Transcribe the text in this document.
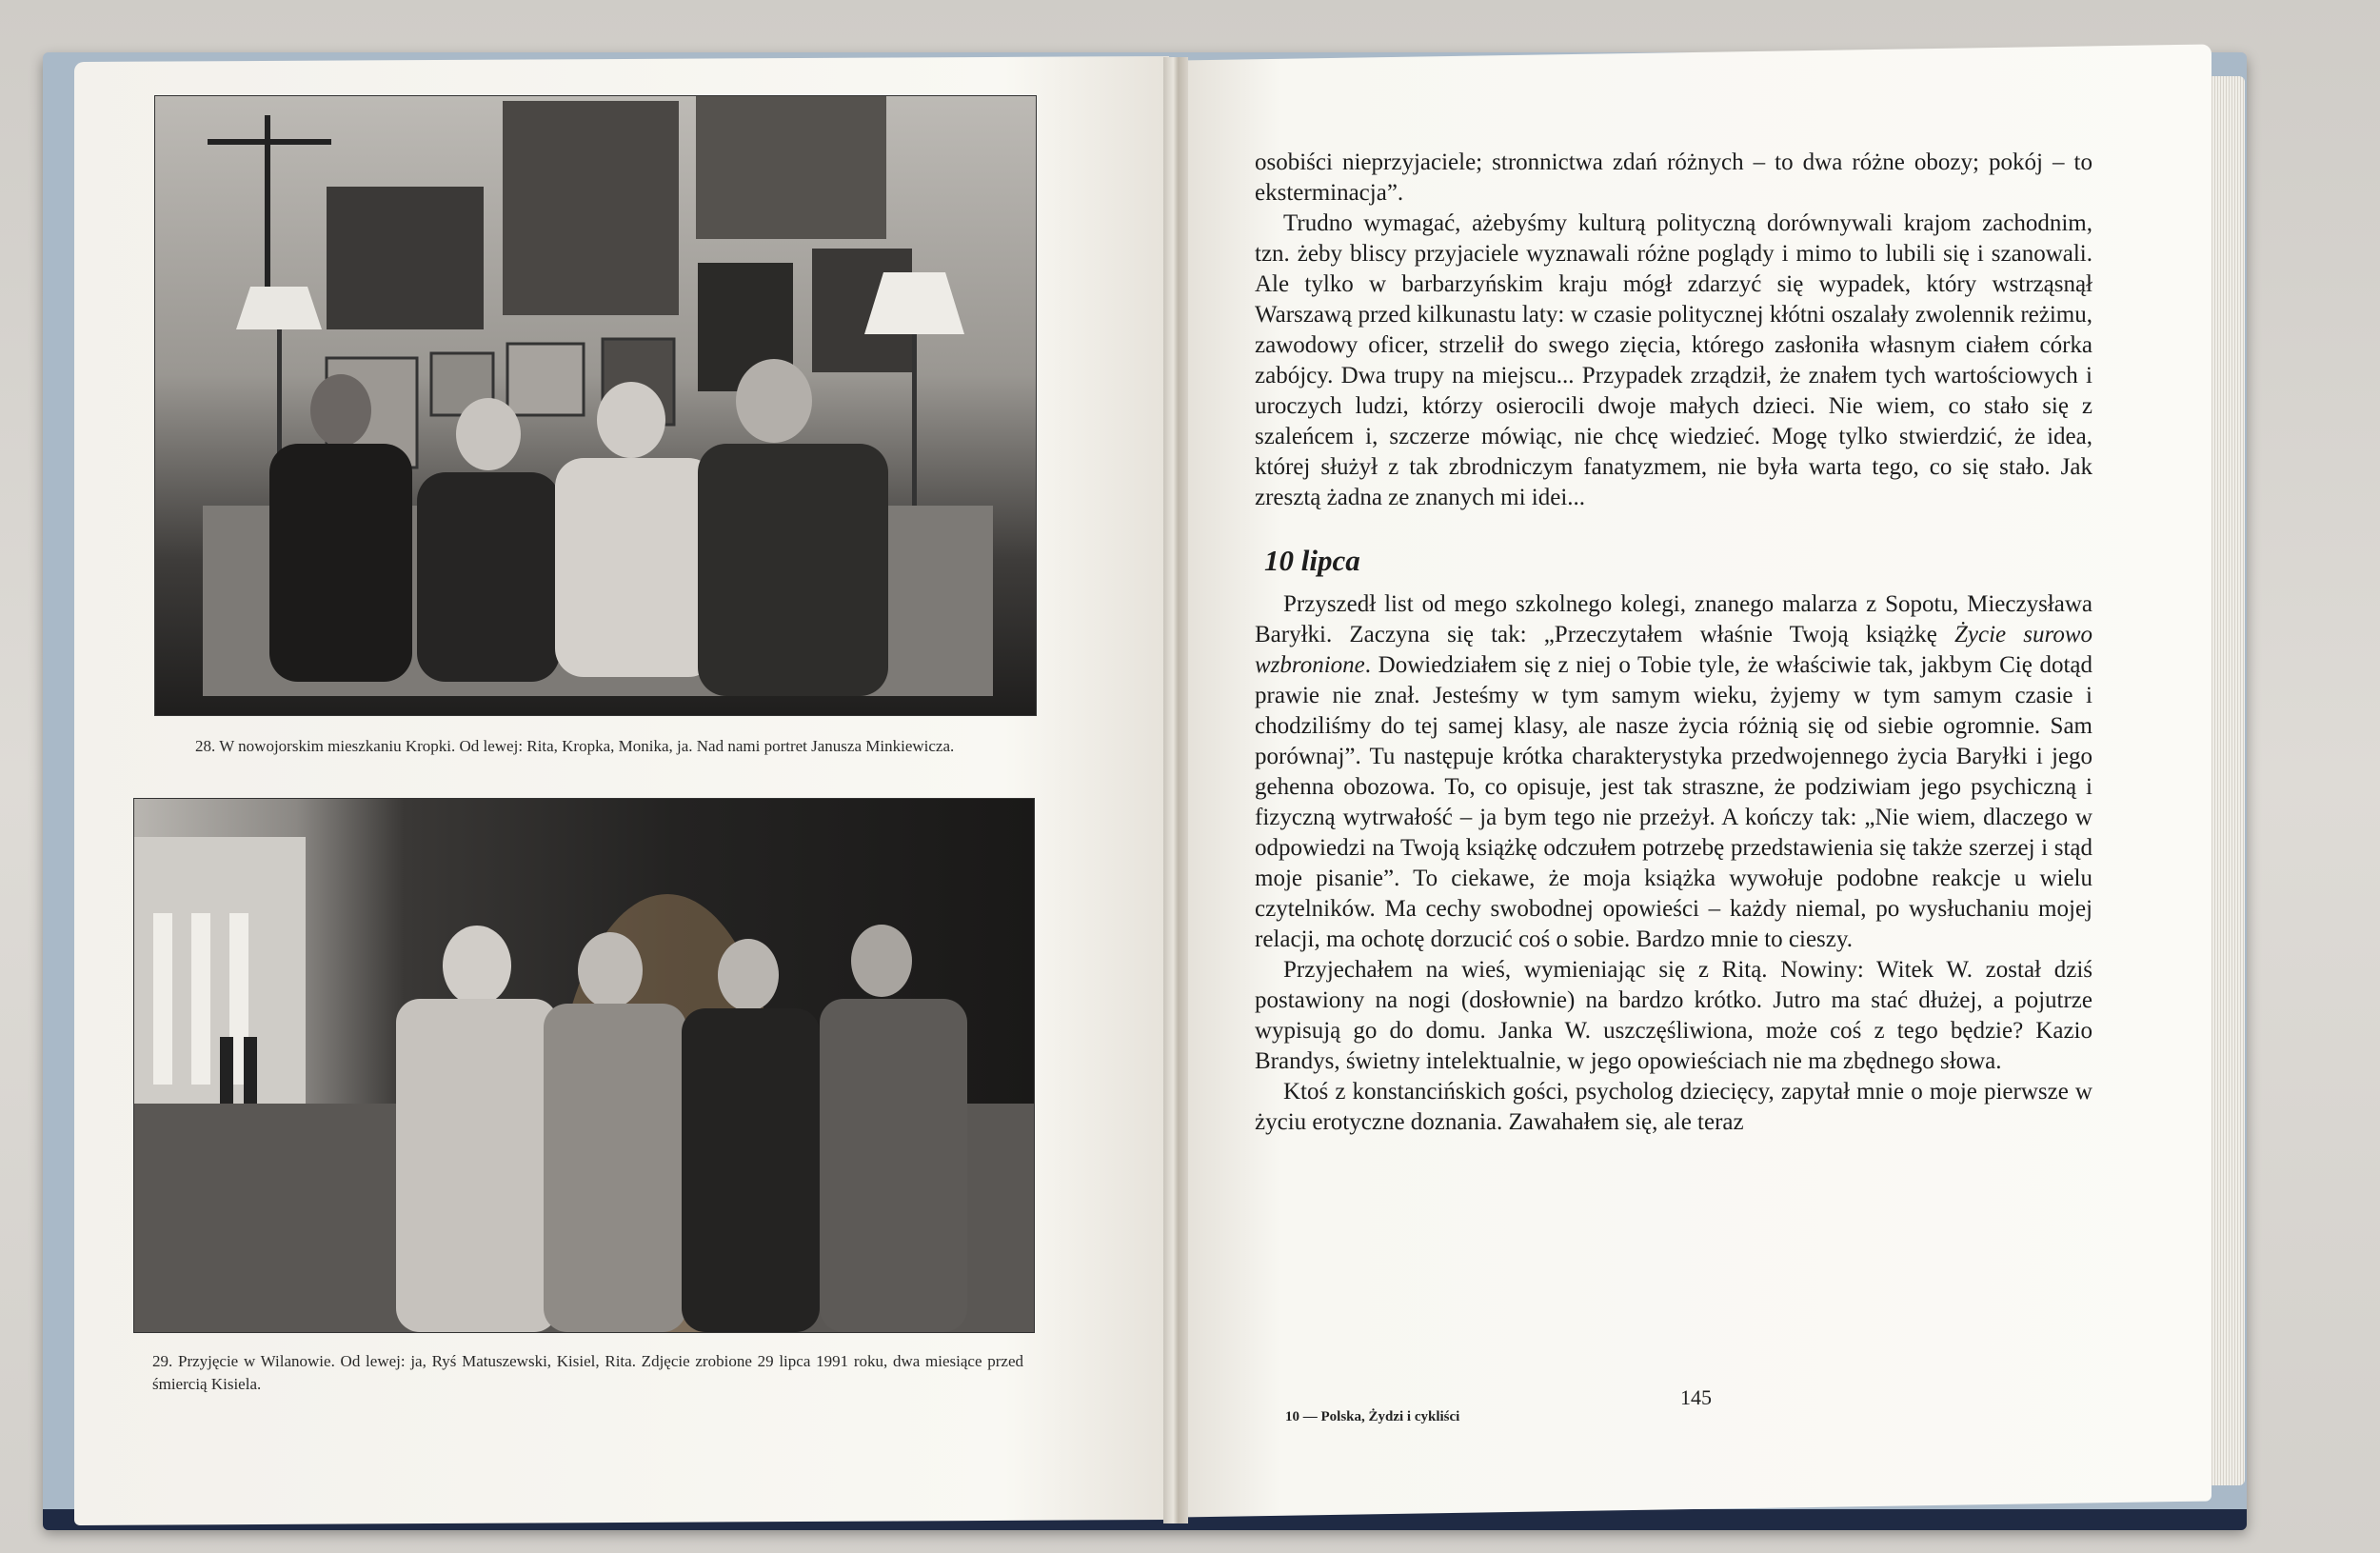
28. W nowojorskim mieszkaniu Kropki. Od lewej: Rita, Kropka, Monika, ja. Nad nami portret Janusza Minkiewicza.
29. Przyjęcie w Wilanowie. Od lewej: ja, Ryś Matuszewski, Kisiel, Rita. Zdjęcie zrobione 29 lipca 1991 roku, dwa miesiące przed śmiercią Kisiela.

osobiści nieprzyjaciele; stronnictwa zdań różnych – to dwa różne obozy; pokój – to eksterminacja”.

Trudno wymagać, ażebyśmy kulturą polityczną dorównywali krajom zachodnim, tzn. żeby bliscy przyjaciele wyznawali różne poglądy i mimo to lubili się i szanowali. Ale tylko w barbarzyńskim kraju mógł zdarzyć się wypadek, który wstrząsnął Warszawą przed kilkunastu laty: w czasie politycznej kłótni oszalały zwolennik reżimu, zawodowy oficer, strzelił do swego zięcia, którego zasłoniła własnym ciałem córka zabójcy. Dwa trupy na miejscu... Przypadek zrządził, że znałem tych wartościowych i uroczych ludzi, którzy osierocili dwoje małych dzieci. Nie wiem, co stało się z szaleńcem i, szczerze mówiąc, nie chcę wiedzieć. Mogę tylko stwierdzić, że idea, której służył z tak zbrodniczym fanatyzmem, nie była warta tego, co się stało. Jak zresztą żadna ze znanych mi idei...

10 lipca

Przyszedł list od mego szkolnego kolegi, znanego malarza z Sopotu, Mieczysława Baryłki. Zaczyna się tak: „Przeczytałem właśnie Twoją książkę Życie surowo wzbronione. Dowiedziałem się z niej o Tobie tyle, że właściwie tak, jakbym Cię dotąd prawie nie znał. Jesteśmy w tym samym wieku, żyjemy w tym samym czasie i chodziliśmy do tej samej klasy, ale nasze życia różnią się od siebie ogromnie. Sam porównaj”. Tu następuje krótka charakterystyka przedwojennego życia Baryłki i jego gehenna obozowa. To, co opisuje, jest tak straszne, że podziwiam jego psychiczną i fizyczną wytrwałość – ja bym tego nie przeżył. A kończy tak: „Nie wiem, dlaczego w odpowiedzi na Twoją książkę odczułem potrzebę przedstawienia się także szerzej i stąd moje pisanie”. To ciekawe, że moja książka wywołuje podobne reakcje u wielu czytelników. Ma cechy swobodnej opowieści – każdy niemal, po wysłuchaniu mojej relacji, ma ochotę dorzucić coś o sobie. Bardzo mnie to cieszy.

Przyjechałem na wieś, wymieniając się z Ritą. Nowiny: Witek W. został dziś postawiony na nogi (dosłownie) na bardzo krótko. Jutro ma stać dłużej, a pojutrze wypisują go do domu. Janka W. uszczęśliwiona, może coś z tego będzie? Kazio Brandys, świetny intelektualnie, w jego opowieściach nie ma zbędnego słowa.

Ktoś z konstancińskich gości, psycholog dziecięcy, zapytał mnie o moje pierwsze w życiu erotyczne doznania. Zawahałem się, ale teraz

10 — Polska, Żydzi i cykliści
145
